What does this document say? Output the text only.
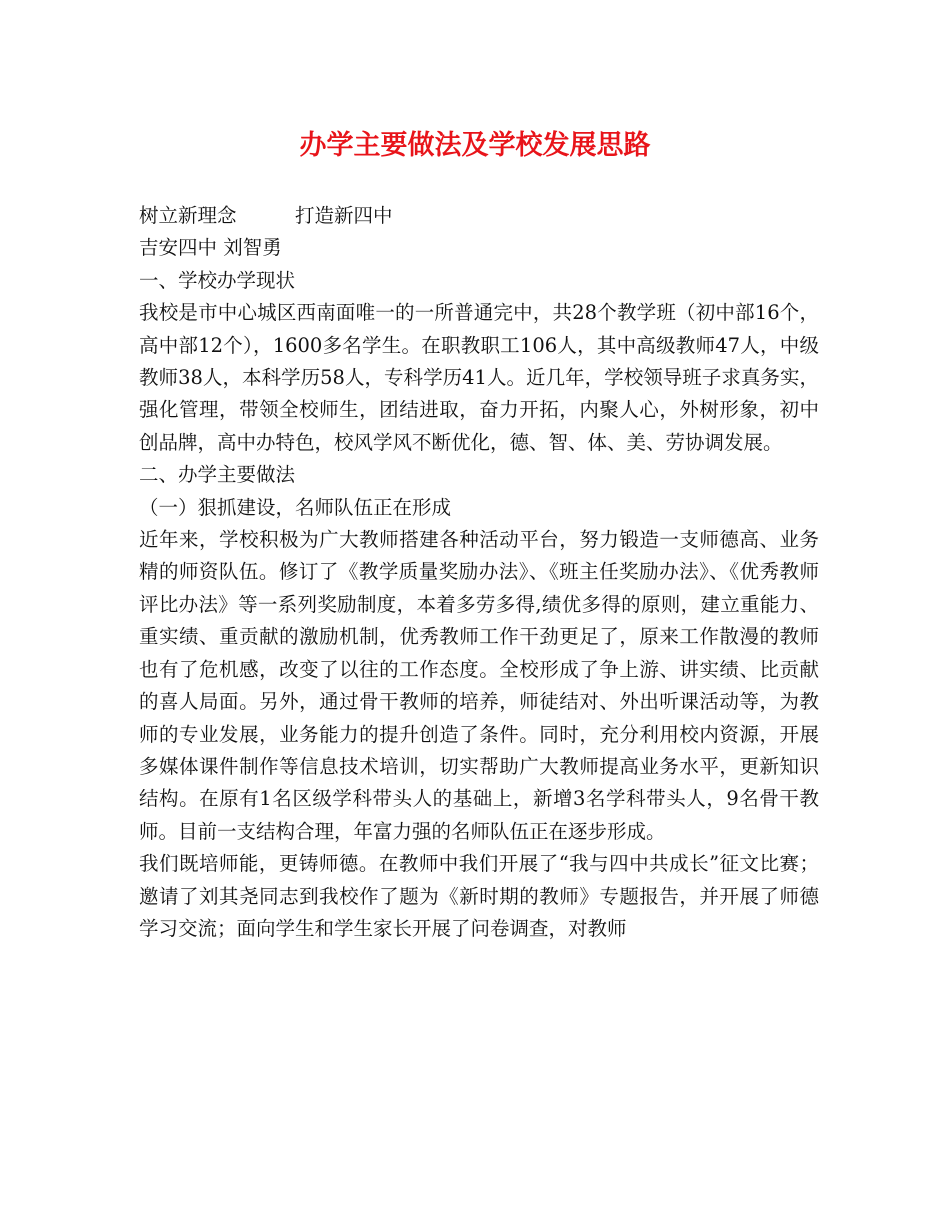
办学主要做法及学校发展思路

树立新理念　　　打造新四中

吉安四中 刘智勇

一、学校办学现状

我校是市中心城区西南面唯一的一所普通完中，共28个教学班（初中部16个，高中部12个），1600多名学生。在职教职工106人，其中高级教师47人，中级教师38人，本科学历58人，专科学历41人。近几年，学校领导班子求真务实，强化管理，带领全校师生，团结进取，奋力开拓，内聚人心，外树形象，初中创品牌，高中办特色，校风学风不断优化，德、智、体、美、劳协调发展。

二、办学主要做法

（一）狠抓建设，名师队伍正在形成

近年来，学校积极为广大教师搭建各种活动平台，努力锻造一支师德高、业务精的师资队伍。修订了《教学质量奖励办法》、《班主任奖励办法》、《优秀教师评比办法》等一系列奖励制度，本着多劳多得,绩优多得的原则，建立重能力、重实绩、重贡献的激励机制，优秀教师工作干劲更足了，原来工作散漫的教师也有了危机感，改变了以往的工作态度。全校形成了争上游、讲实绩、比贡献的喜人局面。另外，通过骨干教师的培养，师徒结对、外出听课活动等，为教师的专业发展，业务能力的提升创造了条件。同时，充分利用校内资源，开展多媒体课件制作等信息技术培训，切实帮助广大教师提高业务水平，更新知识结构。在原有1名区级学科带头人的基础上，新增3名学科带头人，9名骨干教师。目前一支结构合理，年富力强的名师队伍正在逐步形成。

我们既培师能，更铸师德。在教师中我们开展了“我与四中共成长”征文比赛；邀请了刘其尧同志到我校作了题为《新时期的教师》专题报告，并开展了师德学习交流；面向学生和学生家长开展了问卷调查，对教师
